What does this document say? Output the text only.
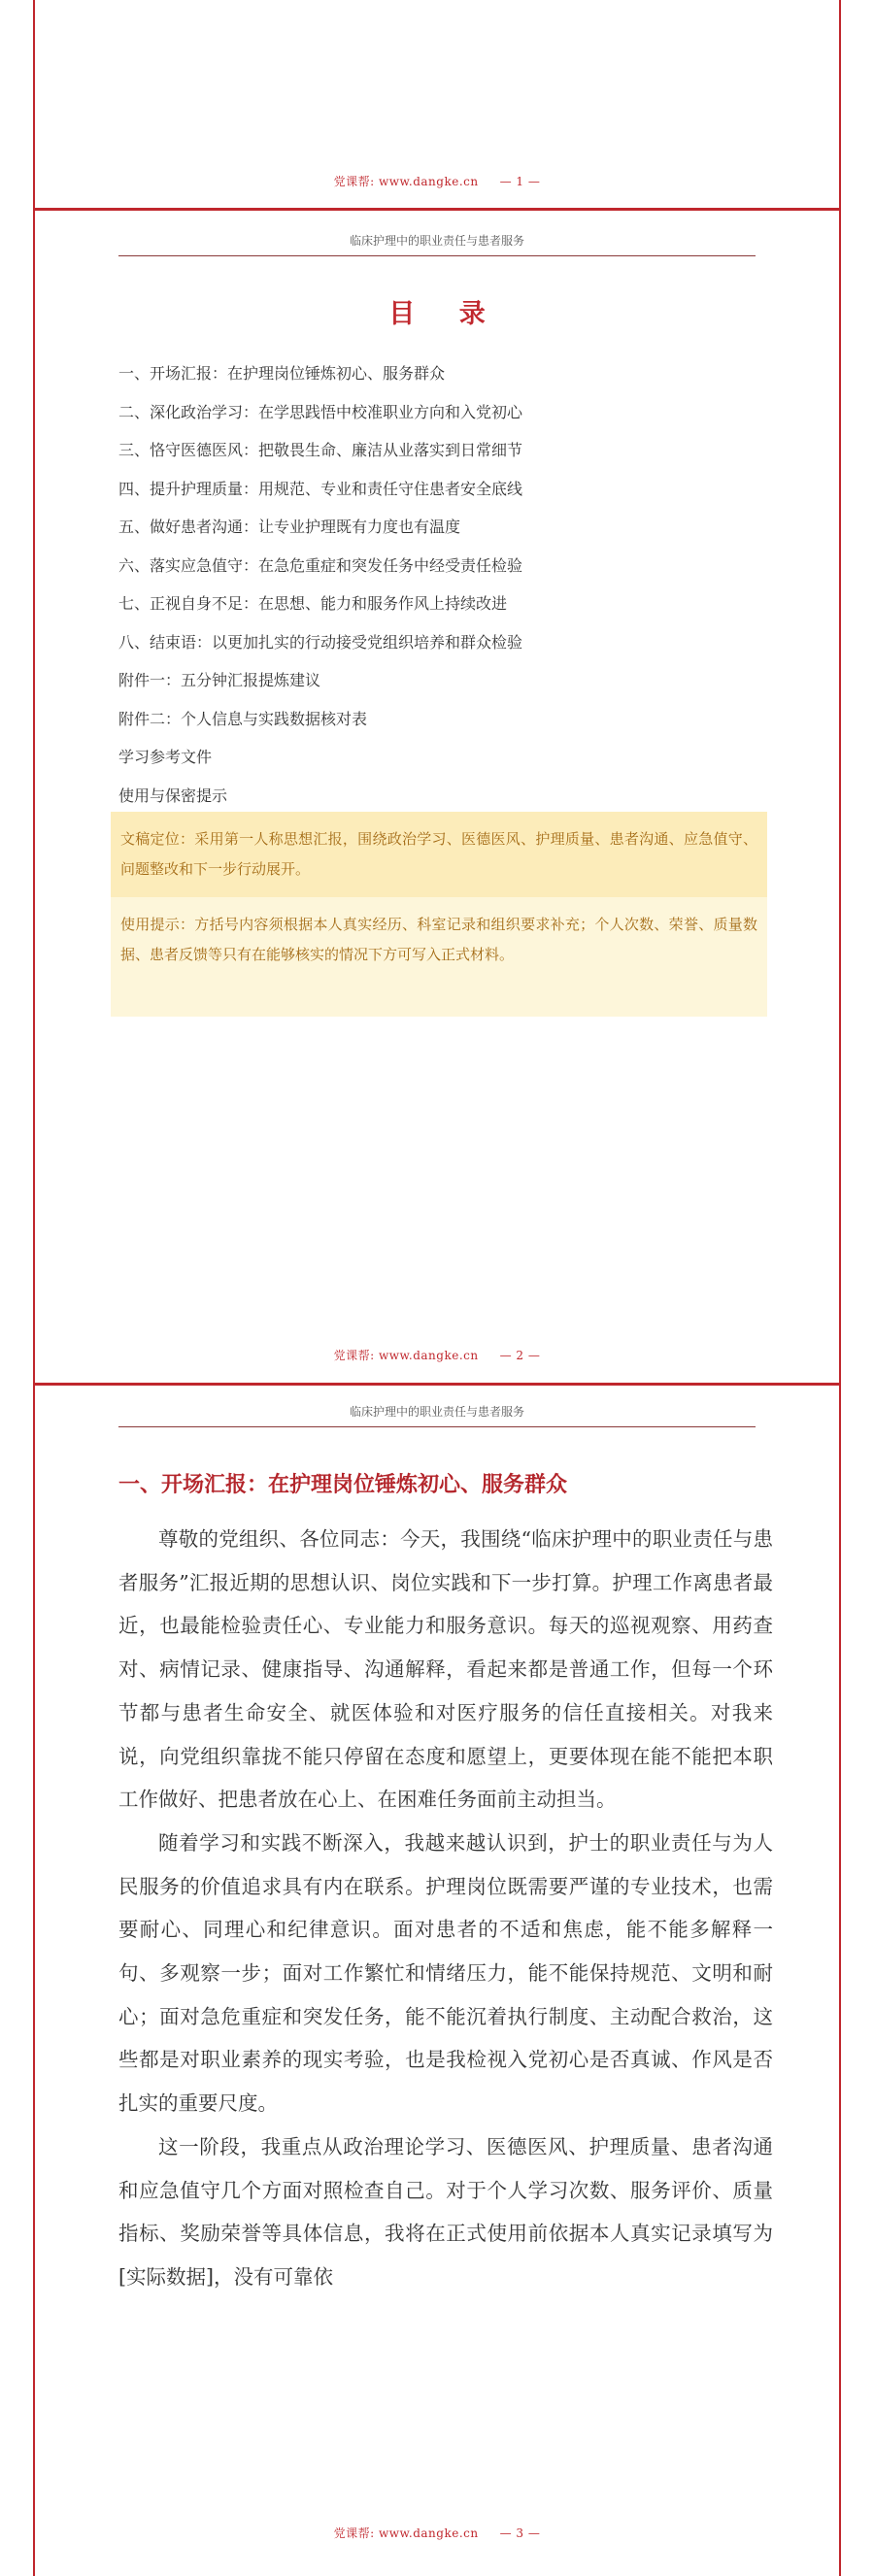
党课帮: www.dangke.cn — 1 —
临床护理中的职业责任与患者服务
目 录
一、开场汇报：在护理岗位锤炼初心、服务群众
二、深化政治学习：在学思践悟中校准职业方向和入党初心
三、恪守医德医风：把敬畏生命、廉洁从业落实到日常细节
四、提升护理质量：用规范、专业和责任守住患者安全底线
五、做好患者沟通：让专业护理既有力度也有温度
六、落实应急值守：在急危重症和突发任务中经受责任检验
七、正视自身不足：在思想、能力和服务作风上持续改进
八、结束语：以更加扎实的行动接受党组织培养和群众检验
附件一：五分钟汇报提炼建议
附件二：个人信息与实践数据核对表
学习参考文件
使用与保密提示

文稿定位：采用第一人称思想汇报，围绕政治学习、医德医风、护理质量、患者沟通、应急值守、问题整改和下一步行动展开。

使用提示：方括号内容须根据本人真实经历、科室记录和组织要求补充；个人次数、荣誉、质量数据、患者反馈等只有在能够核实的情况下方可写入正式材料。

党课帮: www.dangke.cn — 2 —
临床护理中的职业责任与患者服务
一、开场汇报：在护理岗位锤炼初心、服务群众

尊敬的党组织、各位同志：今天，我围绕“临床护理中的职业责任与患者服务”汇报近期的思想认识、岗位实践和下一步打算。护理工作离患者最近，也最能检验责任心、专业能力和服务意识。每天的巡视观察、用药查对、病情记录、健康指导、沟通解释，看起来都是普通工作，但每一个环节都与患者生命安全、就医体验和对医疗服务的信任直接相关。对我来说，向党组织靠拢不能只停留在态度和愿望上，更要体现在能不能把本职工作做好、把患者放在心上、在困难任务面前主动担当。

随着学习和实践不断深入，我越来越认识到，护士的职业责任与为人民服务的价值追求具有内在联系。护理岗位既需要严谨的专业技术，也需要耐心、同理心和纪律意识。面对患者的不适和焦虑，能不能多解释一句、多观察一步；面对工作繁忙和情绪压力，能不能保持规范、文明和耐心；面对急危重症和突发任务，能不能沉着执行制度、主动配合救治，这些都是对职业素养的现实考验，也是我检视入党初心是否真诚、作风是否扎实的重要尺度。

这一阶段，我重点从政治理论学习、医德医风、护理质量、患者沟通和应急值守几个方面对照检查自己。对于个人学习次数、服务评价、质量指标、奖励荣誉等具体信息，我将在正式使用前依据本人真实记录填写为[实际数据]，没有可靠依

党课帮: www.dangke.cn — 3 —
